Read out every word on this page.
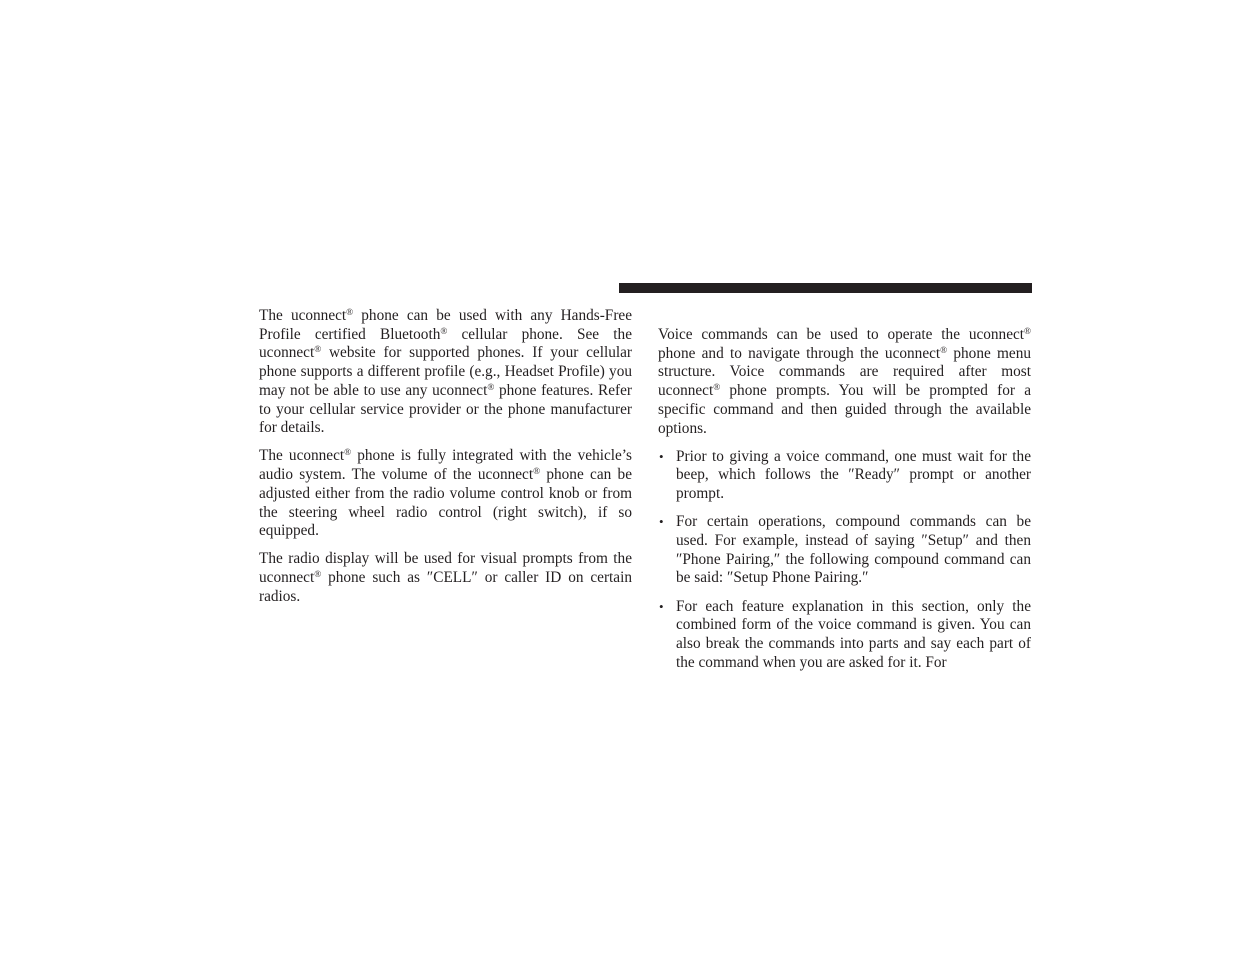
The uconnect® phone can be used with any Hands-Free Profile certified Bluetooth® cellular phone. See the uconnect® website for supported phones. If your cellular phone supports a different profile (e.g., Headset Profile) you may not be able to use any uconnect® phone features. Refer to your cellular service provider or the phone manufacturer for details.

The uconnect® phone is fully integrated with the vehicle’s audio system. The volume of the uconnect® phone can be adjusted either from the radio volume control knob or from the steering wheel radio control (right switch), if so equipped.

The radio display will be used for visual prompts from the uconnect® phone such as ″CELL″ or caller ID on certain radios.

Voice commands can be used to operate the uconnect® phone and to navigate through the uconnect® phone menu structure. Voice commands are required after most uconnect® phone prompts. You will be prompted for a specific command and then guided through the available options.

• Prior to giving a voice command, one must wait for the beep, which follows the ″Ready″ prompt or another prompt.
• For certain operations, compound commands can be used. For example, instead of saying ″Setup″ and then ″Phone Pairing,″ the following compound command can be said: ″Setup Phone Pairing.″
• For each feature explanation in this section, only the combined form of the voice command is given. You can also break the commands into parts and say each part of the command when you are asked for it. For
